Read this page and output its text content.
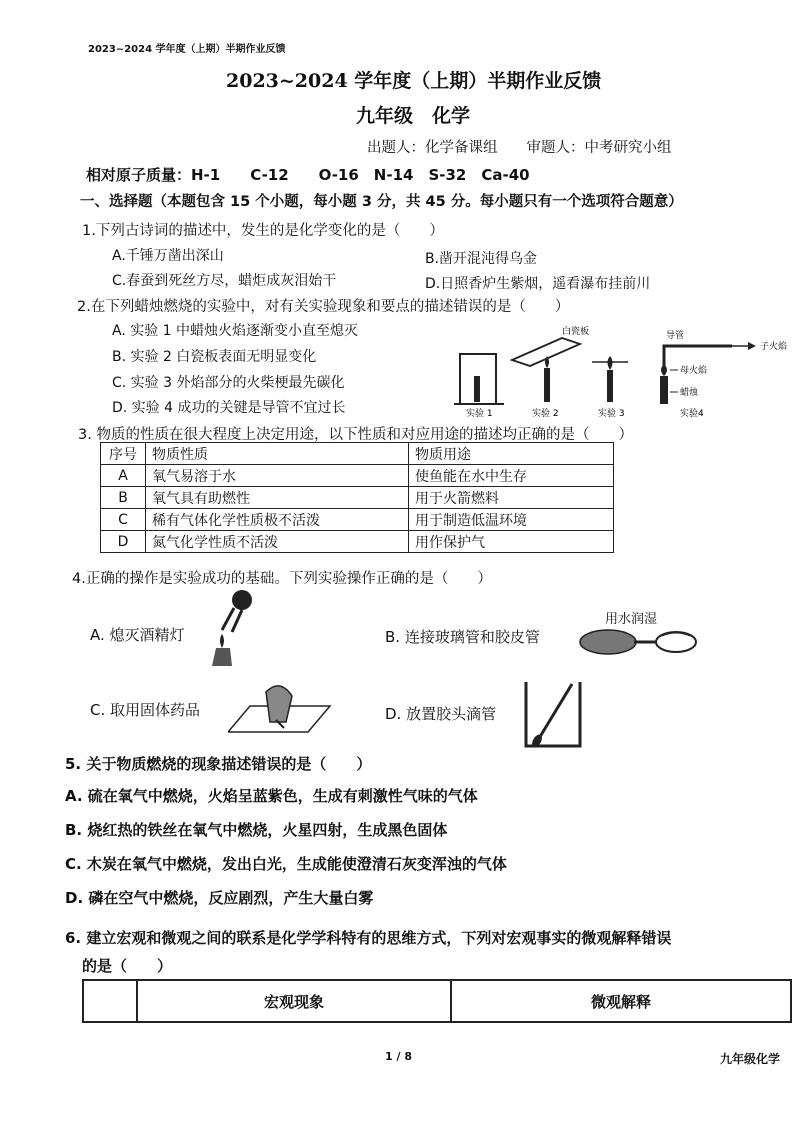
2023~2024 学年度（上期）半期作业反馈
2023~2024 学年度（上期）半期作业反馈
九年级　化学
出题人：化学备课组　　审题人：中考研究小组
相对原子质量：H-1　　C-12　　O-16　N-14　S-32　Ca-40
一、选择题（本题包含 15 个小题，每小题 3 分，共 45 分。每小题只有一个选项符合题意）
1.下列古诗词的描述中，发生的是化学变化的是（　　）
A.千锤万凿出深山	B.凿开混沌得乌金
C.春蚕到死丝方尽，蜡炬成灰泪始干	D.日照香炉生紫烟，遥看瀑布挂前川
2.在下列蜡烛燃烧的实验中，对有关实验现象和要点的描述错误的是（　　）
A. 实验 1 中蜡烛火焰逐渐变小直至熄灭
B. 实验 2 白瓷板表面无明显变化
C. 实验 3 外焰部分的火柴梗最先碳化
D. 实验 4 成功的关键是导管不宜过长
白瓷板	导管
子火焰
母火焰
蜡烛
实验 1	实验 2	实验 3	实验4
3. 物质的性质在很大程度上决定用途，以下性质和对应用途的描述均正确的是（　　）
序号	物质性质	物质用途
A	氧气易溶于水	使鱼能在水中生存
B	氧气具有助燃性	用于火箭燃料
C	稀有气体化学性质极不活泼	用于制造低温环境
D	氮气化学性质不活泼	用作保护气
4.正确的操作是实验成功的基础。下列实验操作正确的是（　　）
A. 熄灭酒精灯	B. 连接玻璃管和胶皮管
C. 取用固体药品	D. 放置胶头滴管
用水润湿
5. 关于物质燃烧的现象描述错误的是（　　）
A. 硫在氧气中燃烧，火焰呈蓝紫色，生成有刺激性气味的气体
B. 烧红热的铁丝在氧气中燃烧，火星四射，生成黑色固体
C. 木炭在氧气中燃烧，发出白光，生成能使澄清石灰变浑浊的气体
D. 磷在空气中燃烧，反应剧烈，产生大量白雾
6. 建立宏观和微观之间的联系是化学学科特有的思维方式，下列对宏观事实的微观解释错误
的是（　　）
	宏观现象	微观解释
1 / 8	九年级化学
